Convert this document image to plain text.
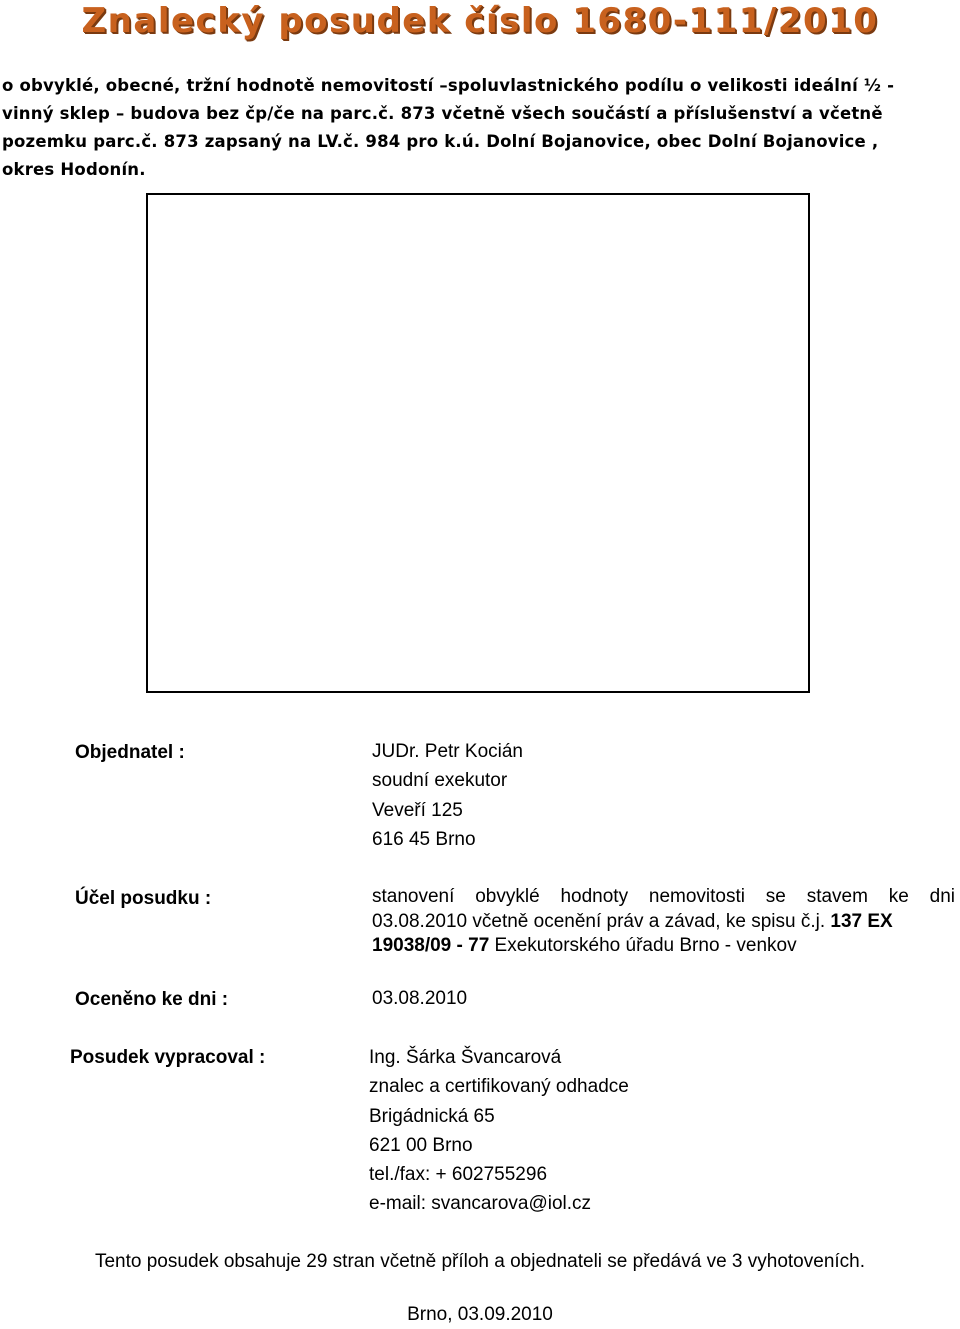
Znalecký posudek číslo 1680-111/2010
o obvyklé, obecné, tržní hodnotě nemovitostí –spoluvlastnického podílu o velikosti ideální ½ -
vinný sklep – budova bez čp/če na parc.č. 873 včetně všech součástí a příslušenství a včetně
pozemku parc.č. 873 zapsaný na LV.č. 984 pro k.ú. Dolní Bojanovice, obec Dolní Bojanovice ,
okres Hodonín.
Objednatel :	JUDr. Petr Kocián
soudní exekutor
Veveří 125
616 45 Brno
Účel posudku :	stanovení obvyklé hodnoty nemovitosti se stavem ke dni
03.08.2010 včetně ocenění práv a závad, ke spisu č.j. 137 EX
19038/09 - 77 Exekutorského úřadu Brno - venkov
Oceněno ke dni :	03.08.2010
Posudek vypracoval :	Ing. Šárka Švancarová
znalec a certifikovaný odhadce
Brigádnická 65
621 00 Brno
tel./fax: + 602755296
e-mail: svancarova@iol.cz
Tento posudek obsahuje 29 stran včetně příloh a objednateli se předává ve 3 vyhotoveních.
Brno, 03.09.2010
